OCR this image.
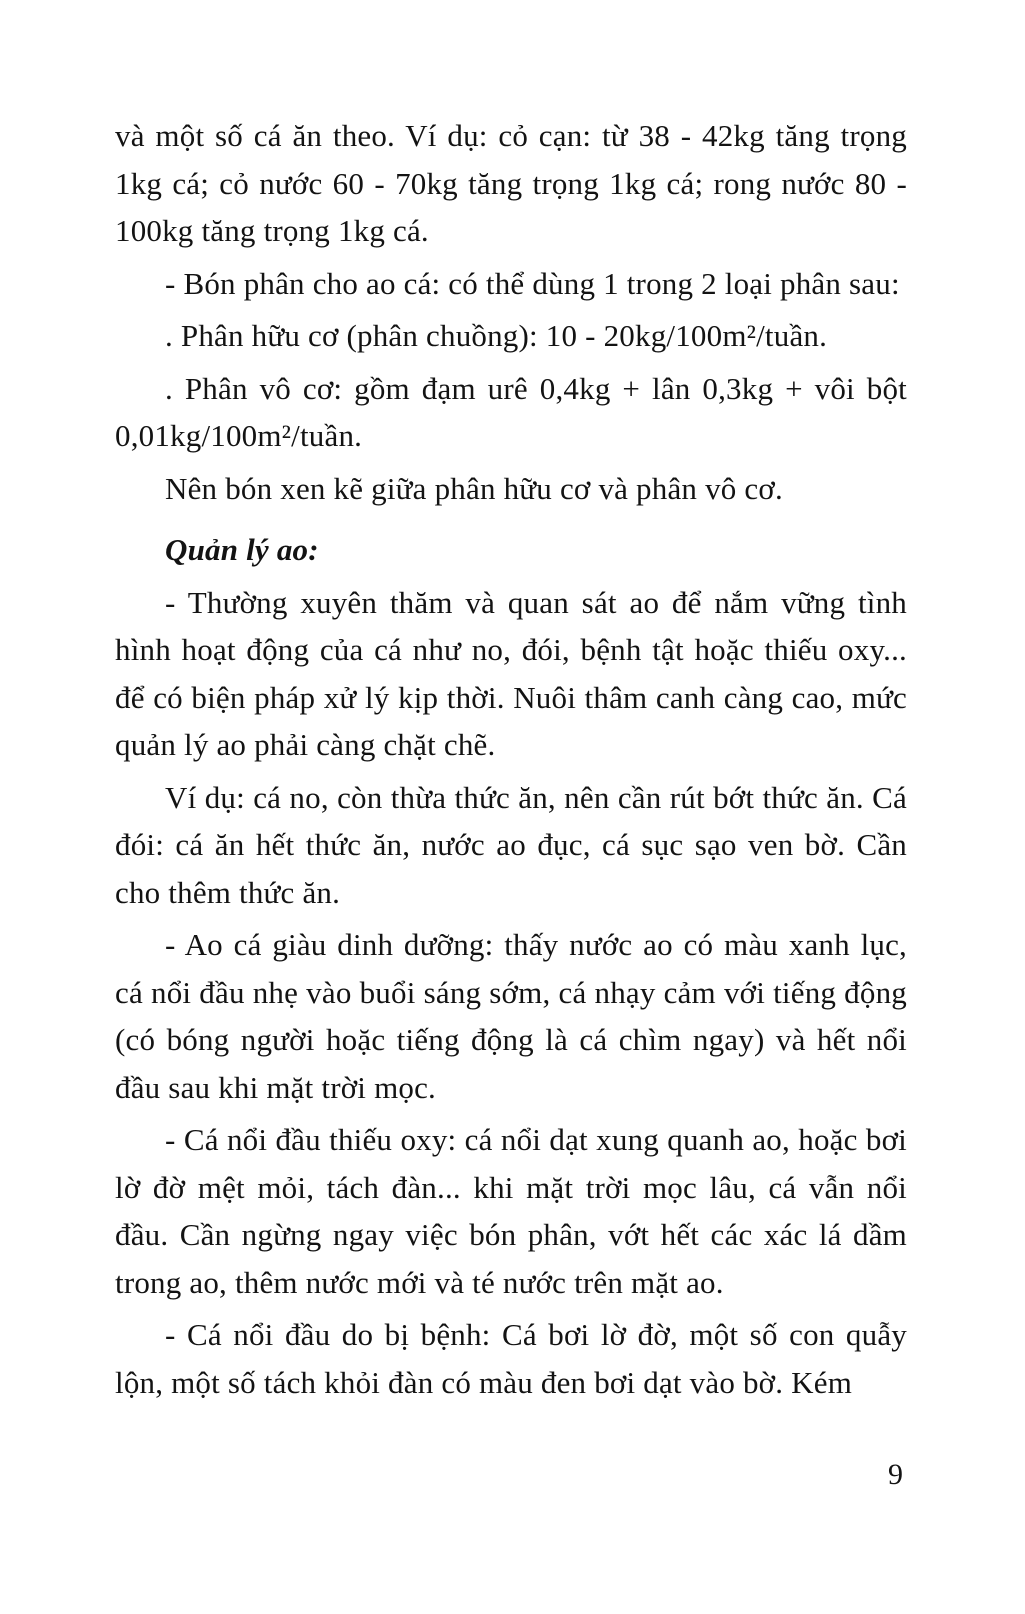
và một số cá ăn theo. Ví dụ: cỏ cạn: từ 38 - 42kg tăng trọng 1kg cá; cỏ nước 60 - 70kg tăng trọng 1kg cá; rong nước 80 - 100kg tăng trọng 1kg cá.

- Bón phân cho ao cá: có thể dùng 1 trong 2 loại phân sau:

. Phân hữu cơ (phân chuồng): 10 - 20kg/100m²/tuần.

. Phân vô cơ: gồm đạm urê 0,4kg + lân 0,3kg + vôi bột 0,01kg/100m²/tuần.

Nên bón xen kẽ giữa phân hữu cơ và phân vô cơ.

Quản lý ao:

- Thường xuyên thăm và quan sát ao để nắm vững tình hình hoạt động của cá như no, đói, bệnh tật hoặc thiếu oxy... để có biện pháp xử lý kịp thời. Nuôi thâm canh càng cao, mức quản lý ao phải càng chặt chẽ.

Ví dụ: cá no, còn thừa thức ăn, nên cần rút bớt thức ăn. Cá đói: cá ăn hết thức ăn, nước ao đục, cá sục sạo ven bờ. Cần cho thêm thức ăn.

- Ao cá giàu dinh dưỡng: thấy nước ao có màu xanh lục, cá nổi đầu nhẹ vào buổi sáng sớm, cá nhạy cảm với tiếng động (có bóng người hoặc tiếng động là cá chìm ngay) và hết nổi đầu sau khi mặt trời mọc.

- Cá nổi đầu thiếu oxy: cá nổi dạt xung quanh ao, hoặc bơi lờ đờ mệt mỏi, tách đàn... khi mặt trời mọc lâu, cá vẫn nổi đầu. Cần ngừng ngay việc bón phân, vớt hết các xác lá dầm trong ao, thêm nước mới và té nước trên mặt ao.

- Cá nổi đầu do bị bệnh: Cá bơi lờ đờ, một số con quẫy lộn, một số tách khỏi đàn có màu đen bơi dạt vào bờ. Kém

9
